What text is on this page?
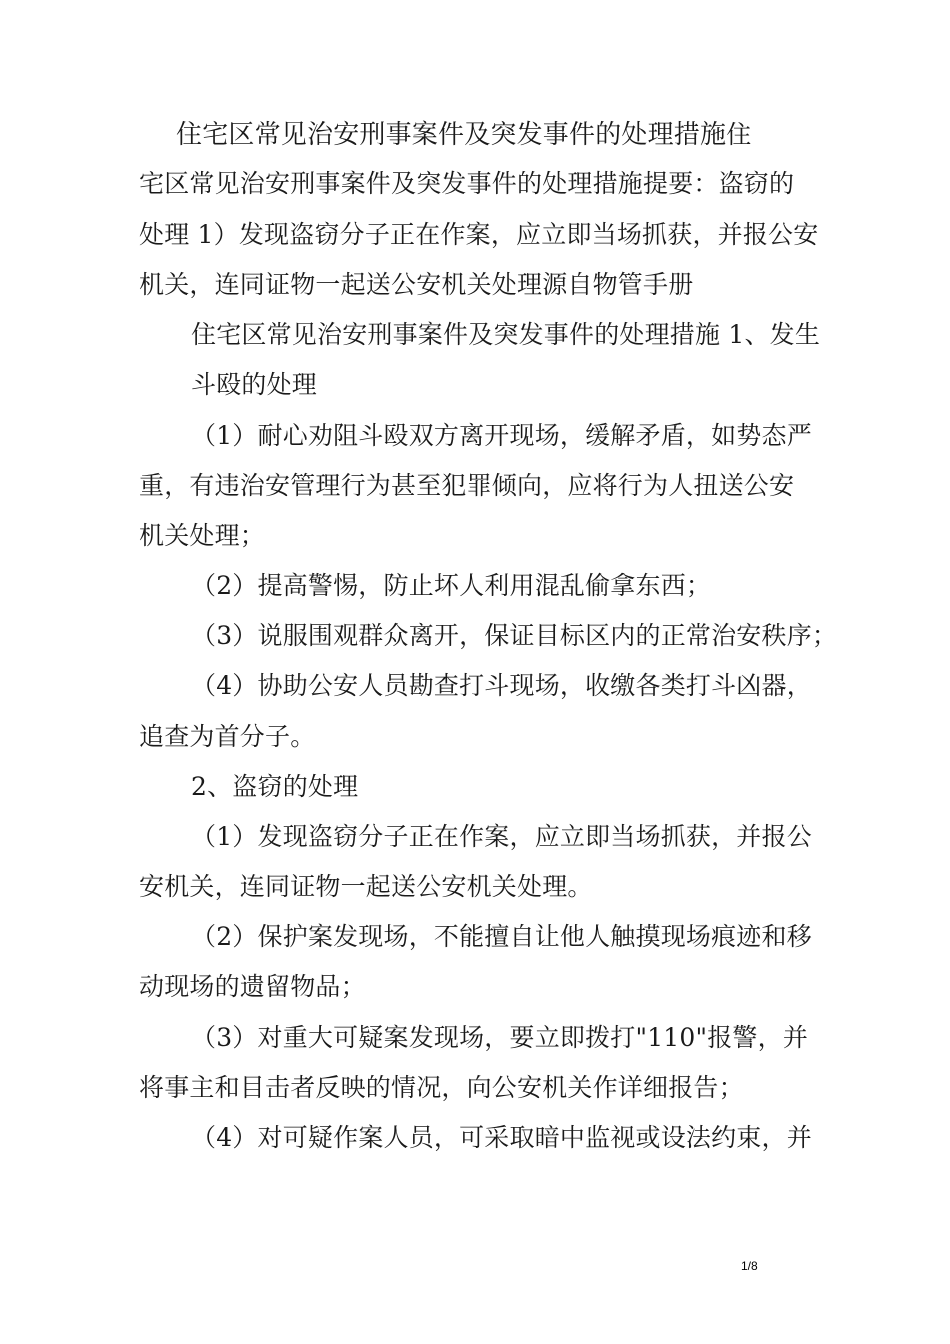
住宅区常见治安刑事案件及突发事件的处理措施住
宅区常见治安刑事案件及突发事件的处理措施提要：盗窃的
处理 1）发现盗窃分子正在作案，应立即当场抓获，并报公安
机关，连同证物一起送公安机关处理源自物管手册
住宅区常见治安刑事案件及突发事件的处理措施 1、发生
斗殴的处理
（1）耐心劝阻斗殴双方离开现场，缓解矛盾，如势态严
重，有违治安管理行为甚至犯罪倾向，应将行为人扭送公安
机关处理；
（2）提高警惕，防止坏人利用混乱偷拿东西；
（3）说服围观群众离开，保证目标区内的正常治安秩序；
（4）协助公安人员勘查打斗现场，收缴各类打斗凶器，
追查为首分子。
2、盗窃的处理
（1）发现盗窃分子正在作案，应立即当场抓获，并报公
安机关，连同证物一起送公安机关处理。
（2）保护案发现场，不能擅自让他人触摸现场痕迹和移
动现场的遗留物品；
（3）对重大可疑案发现场，要立即拨打"110"报警，并
将事主和目击者反映的情况，向公安机关作详细报告；
（4）对可疑作案人员，可采取暗中监视或设法约束，并
1/8
